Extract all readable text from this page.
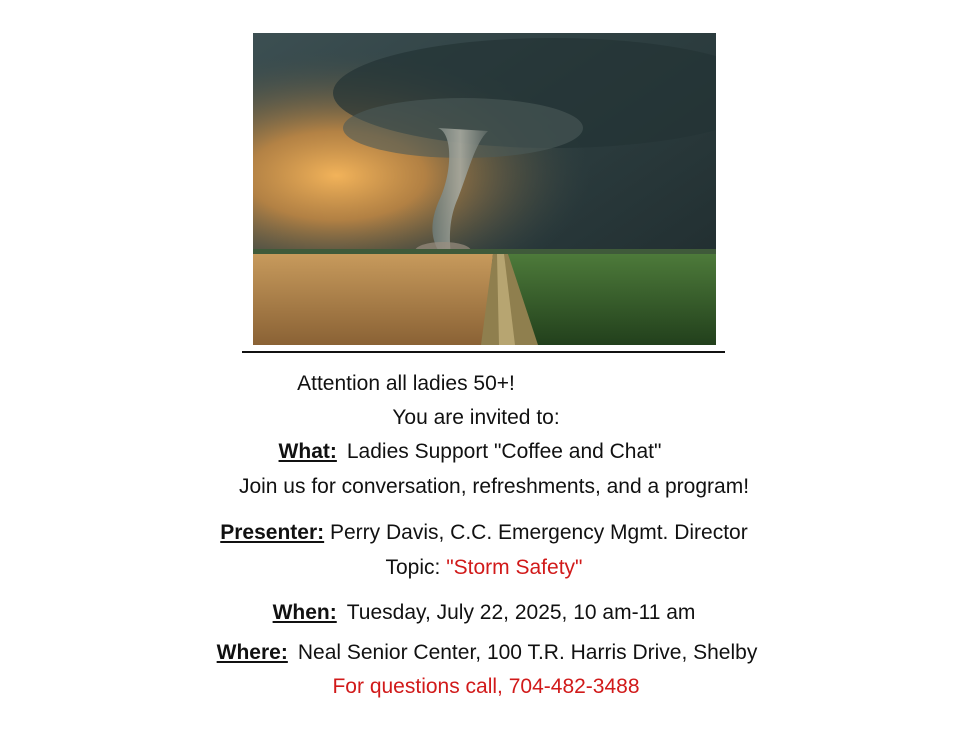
Attention all ladies 50+!
You are invited to:
What: Ladies Support "Coffee and Chat"
Join us for conversation, refreshments, and a program!
Presenter: Perry Davis, C.C. Emergency Mgmt. Director
Topic: "Storm Safety"
When: Tuesday, July 22, 2025, 10 am-11 am
Where: Neal Senior Center, 100 T.R. Harris Drive, Shelby
For questions call, 704-482-3488
